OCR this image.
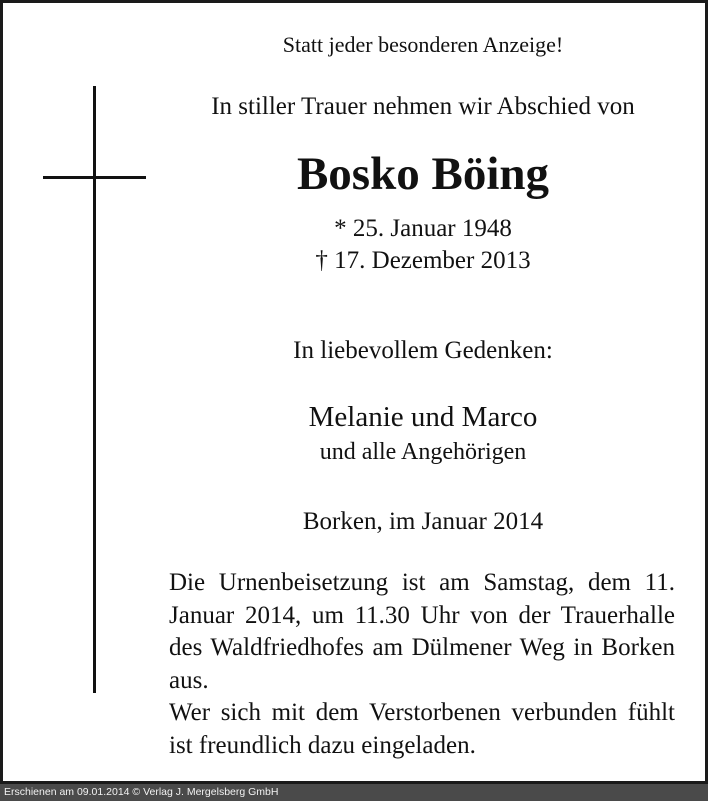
Statt jeder besonderen Anzeige!
In stiller Trauer nehmen wir Abschied von
Bosko Böing
* 25. Januar 1948
† 17. Dezember 2013
In liebevollem Gedenken:
Melanie und Marco
und alle Angehörigen
Borken, im Januar 2014
Die Urnenbeisetzung ist am Samstag, dem 11. Januar 2014, um 11.30 Uhr von der Trauerhalle des Waldfriedhofes am Dülmener Weg in Borken aus.
Wer sich mit dem Verstorbenen verbunden fühlt ist freundlich dazu eingeladen.
Erschienen am 09.01.2014 © Verlag J. Mergelsberg GmbH
